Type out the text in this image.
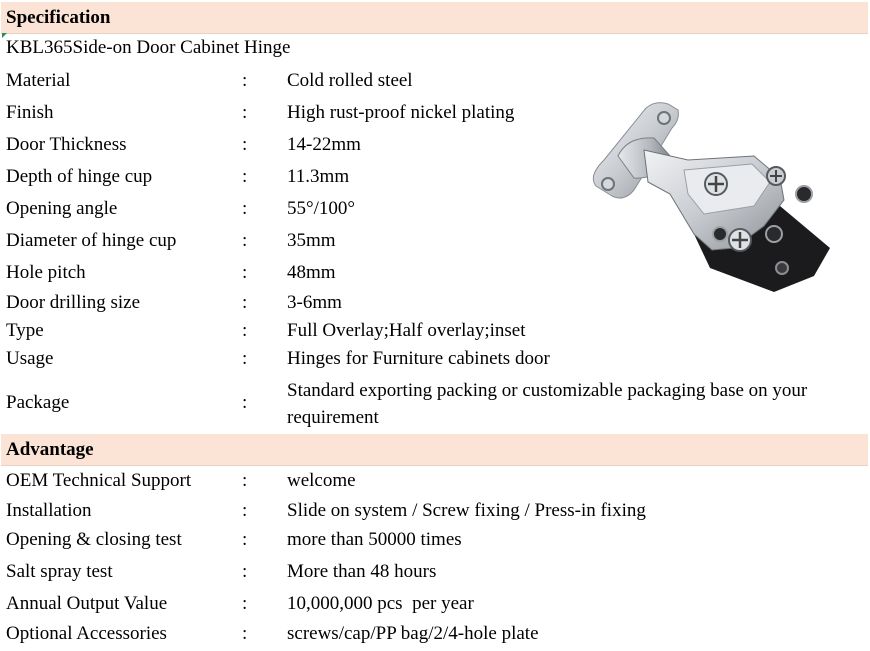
Specification
KBL365Side-on Door Cabinet Hinge
Material	: Cold rolled steel
Finish	: High rust-proof nickel plating
Door Thickness	: 14-22mm
Depth of hinge cup	: 11.3mm
Opening angle	: 55°/100°
Diameter of hinge cup	: 35mm
Hole pitch	: 48mm
Door drilling size	: 3-6mm
Type	: Full Overlay;Half overlay;inset
Usage	: Hinges for Furniture cabinets door
Package	:
Standard exporting packing or customizable packaging base on your requirement
Advantage
OEM Technical Support	: welcome
Installation	: Slide on system / Screw fixing / Press-in fixing
Opening & closing test	: more than 50000 times
Salt spray test	: More than 48 hours
Annual Output Value	: 10,000,000 pcs  per year
Optional Accessories	: screws/cap/PP bag/2/4-hole plate
